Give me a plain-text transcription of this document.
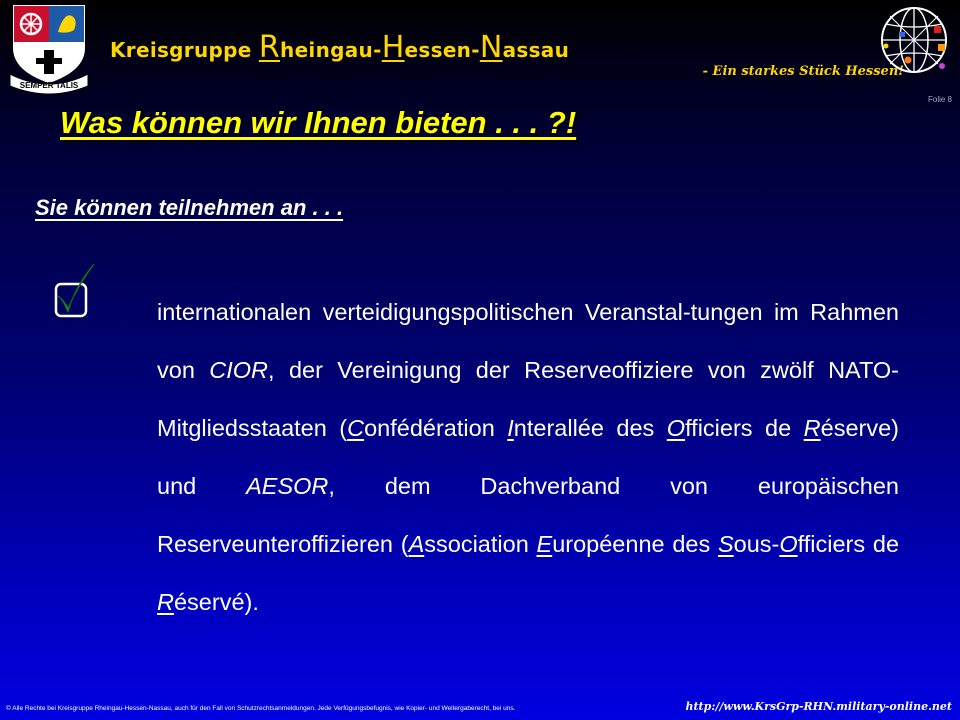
SEMPER TALIS
Kreisgruppe Rheingau-Hessen-Nassau
- Ein starkes Stück Hessen!
Folie 8
Was können wir Ihnen bieten . . . ?!
Sie können teilnehmen an . . .
internationalen verteidigungspolitischen Veranstal-tungen im Rahmen von CIOR, der Vereinigung der Reserveoffiziere von zwölf NATO-Mitgliedsstaaten (Confédération Interallée des Officiers de Réserve) und AESOR, dem Dachverband von europäischen Reserveunteroffizieren (Association Européenne des Sous-Officiers de Réservé).
© Alle Rechte bei Kreisgruppe Rheingau-Hessen-Nassau, auch für den Fall von Schutzrechtsanmeldungen. Jede Verfügungsbefugnis, wie Kopier- und Weitergaberecht, bei uns.	http://www.KrsGrp-RHN.military-online.net
